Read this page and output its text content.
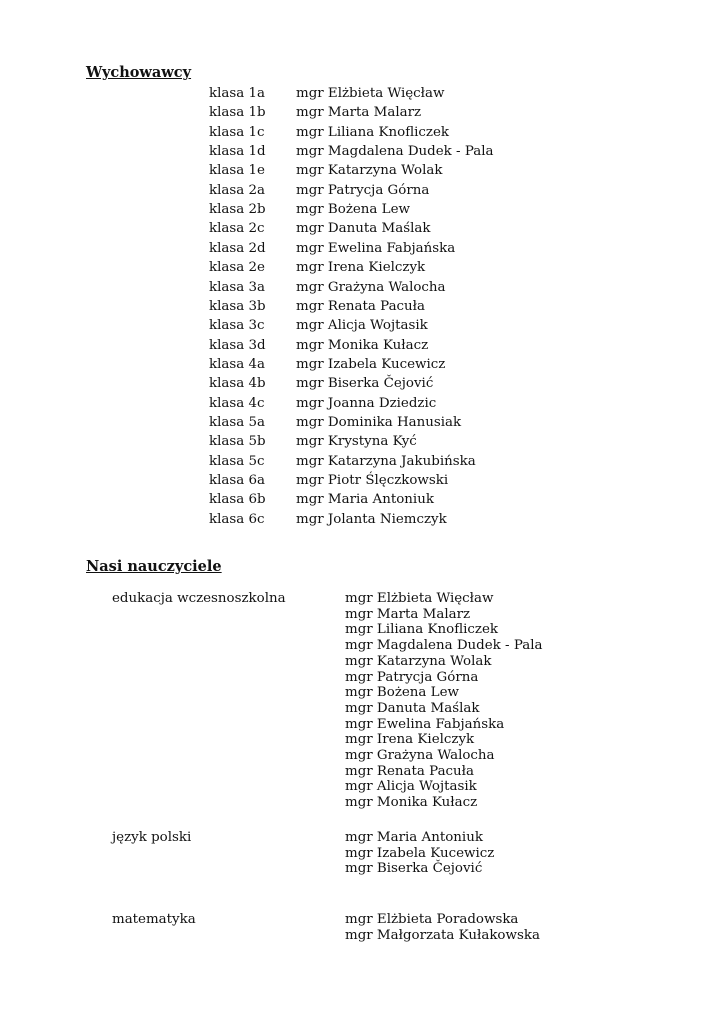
Wychowawcy
klasa 1a mgr Elżbieta Więcław
klasa 1b mgr Marta Malarz
klasa 1c mgr Liliana Knofliczek
klasa 1d mgr Magdalena Dudek - Pala
klasa 1e mgr Katarzyna Wolak
klasa 2a mgr Patrycja Górna
klasa 2b mgr Bożena Lew
klasa 2c mgr Danuta Maślak
klasa 2d mgr Ewelina Fabjańska
klasa 2e mgr Irena Kielczyk
klasa 3a mgr Grażyna Walocha
klasa 3b mgr Renata Pacuła
klasa 3c mgr Alicja Wojtasik
klasa 3d mgr Monika Kułacz
klasa 4a mgr Izabela Kucewicz
klasa 4b mgr Biserka Čejović
klasa 4c mgr Joanna Dziedzic
klasa 5a mgr Dominika Hanusiak
klasa 5b mgr Krystyna Kyć
klasa 5c mgr Katarzyna Jakubińska
klasa 6a mgr Piotr Ślęczkowski
klasa 6b mgr Maria Antoniuk
klasa 6c mgr Jolanta Niemczyk
Nasi nauczyciele
edukacja wczesnoszkolna	mgr Elżbieta Więcław
mgr Marta Malarz
mgr Liliana Knofliczek
mgr Magdalena Dudek - Pala
mgr Katarzyna Wolak
mgr Patrycja Górna
mgr Bożena Lew
mgr Danuta Maślak
mgr Ewelina Fabjańska
mgr Irena Kielczyk
mgr Grażyna Walocha
mgr Renata Pacuła
mgr Alicja Wojtasik
mgr Monika Kułacz
język polski	mgr Maria Antoniuk
mgr Izabela Kucewicz
mgr Biserka Čejović
matematyka	mgr Elżbieta Poradowska
mgr Małgorzata Kułakowska
